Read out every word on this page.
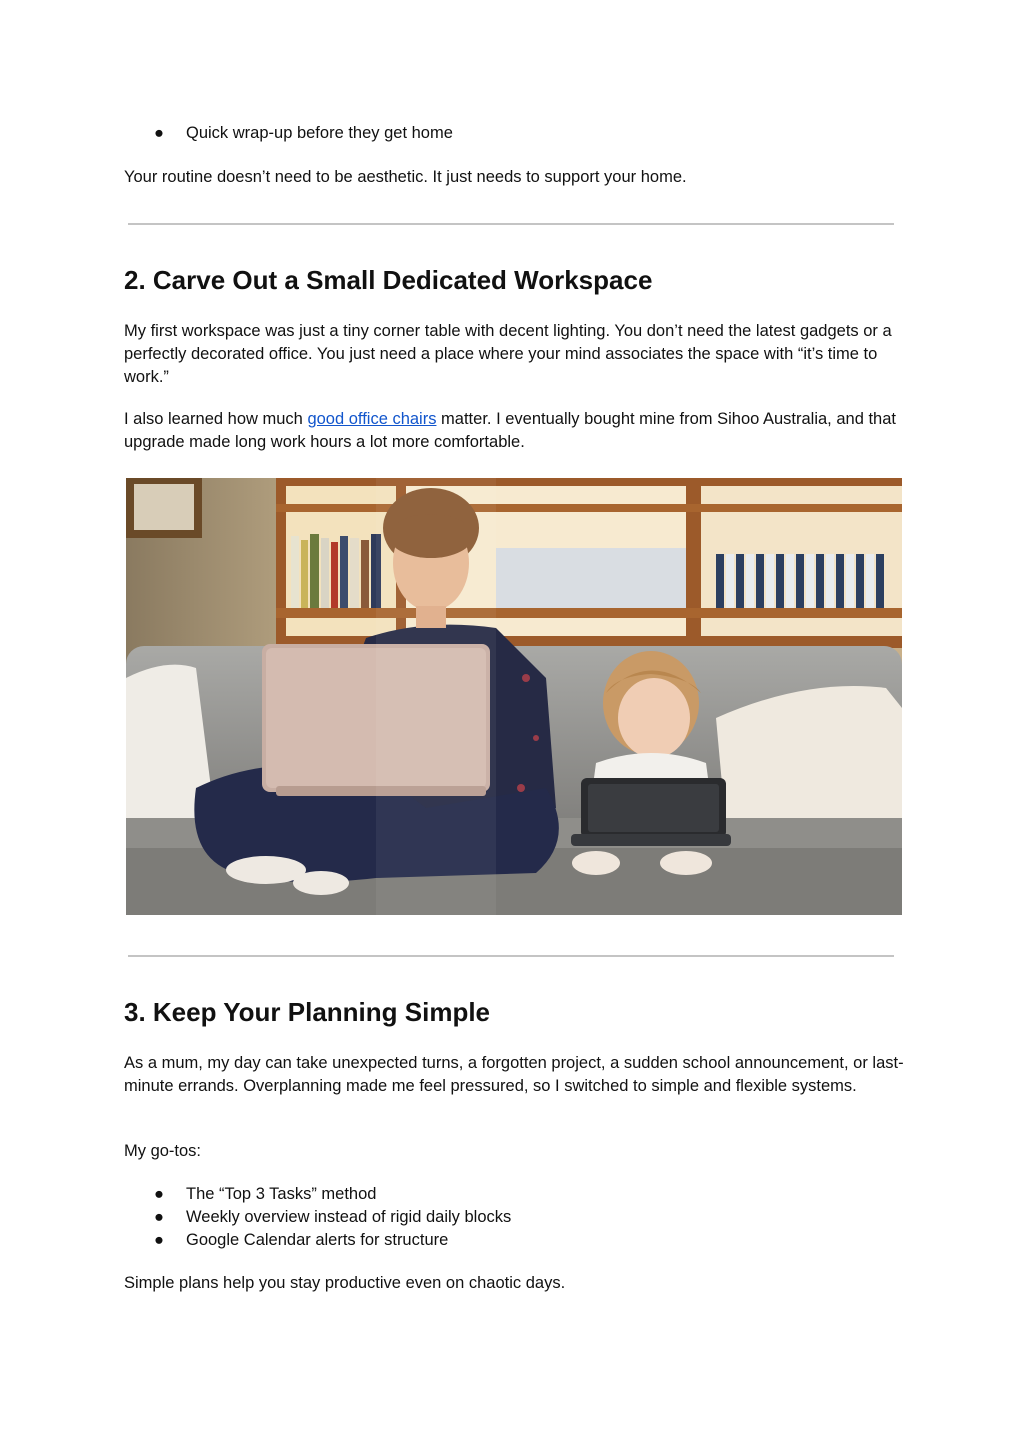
●	Quick wrap-up before they get home

Your routine doesn’t need to be aesthetic. It just needs to support your home.

2. Carve Out a Small Dedicated Workspace

My first workspace was just a tiny corner table with decent lighting. You don’t need the latest gadgets or a perfectly decorated office. You just need a place where your mind associates the space with “it’s time to work.”

I also learned how much good office chairs matter. I eventually bought mine from Sihoo Australia, and that upgrade made long work hours a lot more comfortable.

3. Keep Your Planning Simple

As a mum, my day can take unexpected turns, a forgotten project, a sudden school announcement, or last-minute errands. Overplanning made me feel pressured, so I switched to simple and flexible systems.

My go-tos:

●	The “Top 3 Tasks” method
●	Weekly overview instead of rigid daily blocks
●	Google Calendar alerts for structure

Simple plans help you stay productive even on chaotic days.
